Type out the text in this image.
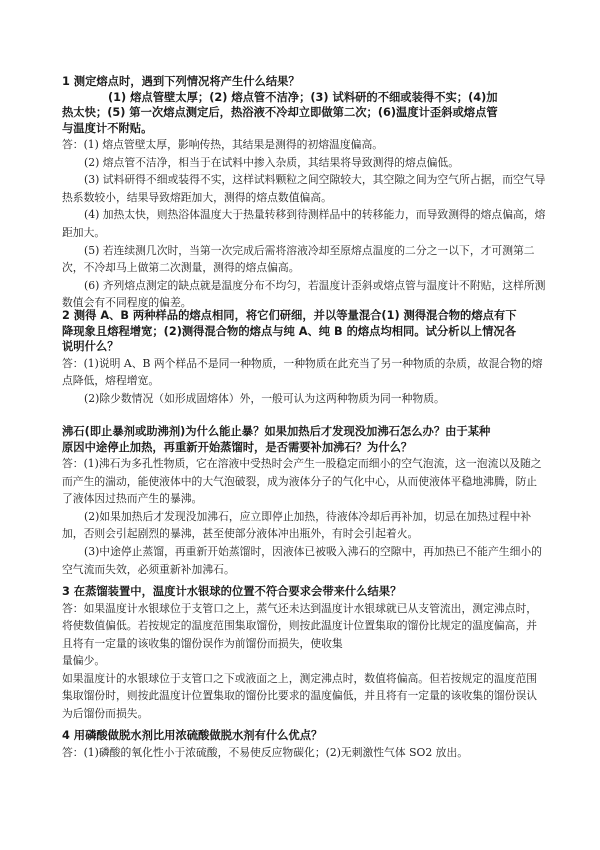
1 测定熔点时，遇到下列情况将产生什么结果？
(1) 熔点管壁太厚；(2) 熔点管不洁净；(3) 试料研的不细或装得不实；(4)加
热太快；(5) 第一次熔点测定后，热浴液不冷却立即做第二次；(6)温度计歪斜或熔点管
与温度计不附贴。

答：(1) 熔点管壁太厚，影响传热，其结果是测得的初熔温度偏高。

(2) 熔点管不洁净，相当于在试料中掺入杂质，其结果将导致测得的熔点偏低。

(3) 试料研得不细或装得不实，这样试料颗粒之间空隙较大，其空隙之间为空气所占据，而空气导热系数较小，结果导致熔距加大，测得的熔点数值偏高。

(4) 加热太快，则热浴体温度大于热量转移到待测样品中的转移能力，而导致测得的熔点偏高，熔距加大。

(5) 若连续测几次时，当第一次完成后需将溶液冷却至原熔点温度的二分之一以下，才可测第二次，不冷却马上做第二次测量，测得的熔点偏高。

(6) 齐列熔点测定的缺点就是温度分布不均匀，若温度计歪斜或熔点管与温度计不附贴，这样所测数值会有不同程度的偏差。

2 测得 A、B 两种样品的熔点相同，将它们研细，并以等量混合(1) 测得混合物的熔点有下
降现象且熔程增宽；(2)测得混合物的熔点与纯 A、纯 B 的熔点均相同。试分析以上情况各
说明什么？

答：(1)说明 A、B 两个样品不是同一种物质，一种物质在此充当了另一种物质的杂质，故混合物的熔点降低，熔程增宽。

(2)除少数情况（如形成固熔体）外，一般可认为这两种物质为同一种物质。

沸石(即止暴剂或助沸剂)为什么能止暴？如果加热后才发现没加沸石怎么办？由于某种
原因中途停止加热，再重新开始蒸馏时，是否需要补加沸石？为什么？

答：(1)沸石为多孔性物质，它在溶液中受热时会产生一股稳定而细小的空气泡流，这一泡流以及随之而产生的湍动，能使液体中的大气泡破裂，成为液体分子的气化中心，从而使液体平稳地沸腾，防止了液体因过热而产生的暴沸。

(2)如果加热后才发现没加沸石，应立即停止加热，待液体冷却后再补加，切忌在加热过程中补加，否则会引起剧烈的暴沸，甚至使部分液体冲出瓶外，有时会引起着火。

(3)中途停止蒸馏，再重新开始蒸馏时，因液体已被吸入沸石的空隙中，再加热已不能产生细小的空气流而失效，必须重新补加沸石。

3 在蒸馏装置中，温度计水银球的位置不符合要求会带来什么结果？

答：如果温度计水银球位于支管口之上，蒸气还未达到温度计水银球就已从支管流出，测定沸点时，将使数值偏低。若按规定的温度范围集取馏份，则按此温度计位置集取的馏份比规定的温度偏高，并且将有一定量的该收集的馏份误作为前馏份而损失，使收集

量偏少。

如果温度计的水银球位于支管口之下或液面之上，测定沸点时，数值将偏高。但若按规定的温度范围集取馏份时，则按此温度计位置集取的馏份比要求的温度偏低，并且将有一定量的该收集的馏份误认为后馏份而损失。

4 用磷酸做脱水剂比用浓硫酸做脱水剂有什么优点？

答：(1)磷酸的氧化性小于浓硫酸，不易使反应物碳化；(2)无刺激性气体 SO2 放出。
